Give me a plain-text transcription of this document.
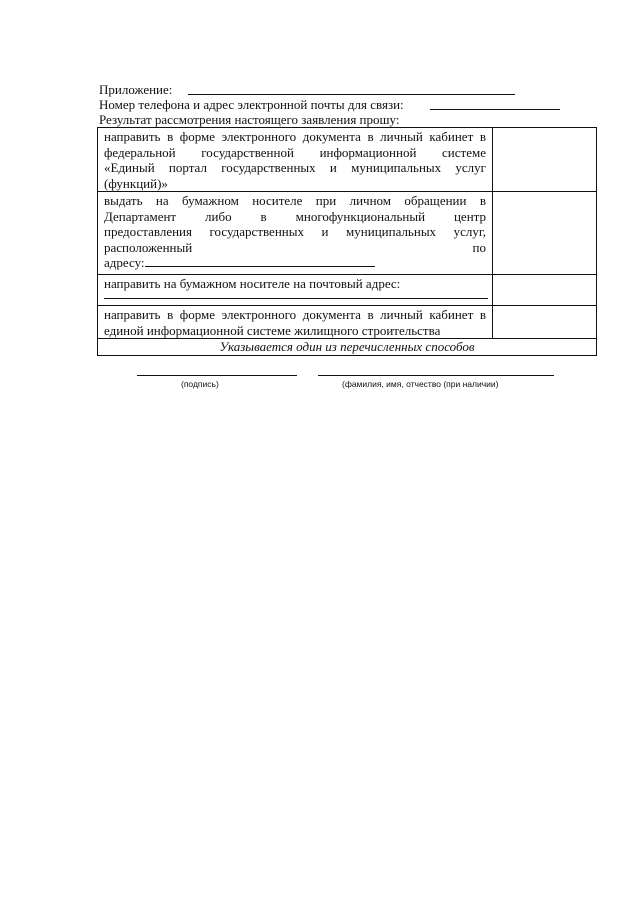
Приложение:
Номер телефона и адрес электронной почты для связи:
Результат рассмотрения настоящего заявления прошу:
направить в форме электронного документа в личный кабинет в
федеральной государственной информационной системе
«Единый портал государственных и муниципальных услуг
(функций)»	

выдать на бумажном носителе при личном обращении в
Департамент либо в многофункциональный центр
предоставления государственных и муниципальных услуг,
расположенный по
адресу:	

направить на бумажном носителе на почтовый адрес:	

направить в форме электронного документа в личный кабинет в
единой информационной системе жилищного строительства	

Указывается один из перечисленных способов	
(подпись)	(фамилия, имя, отчество (при наличии)
